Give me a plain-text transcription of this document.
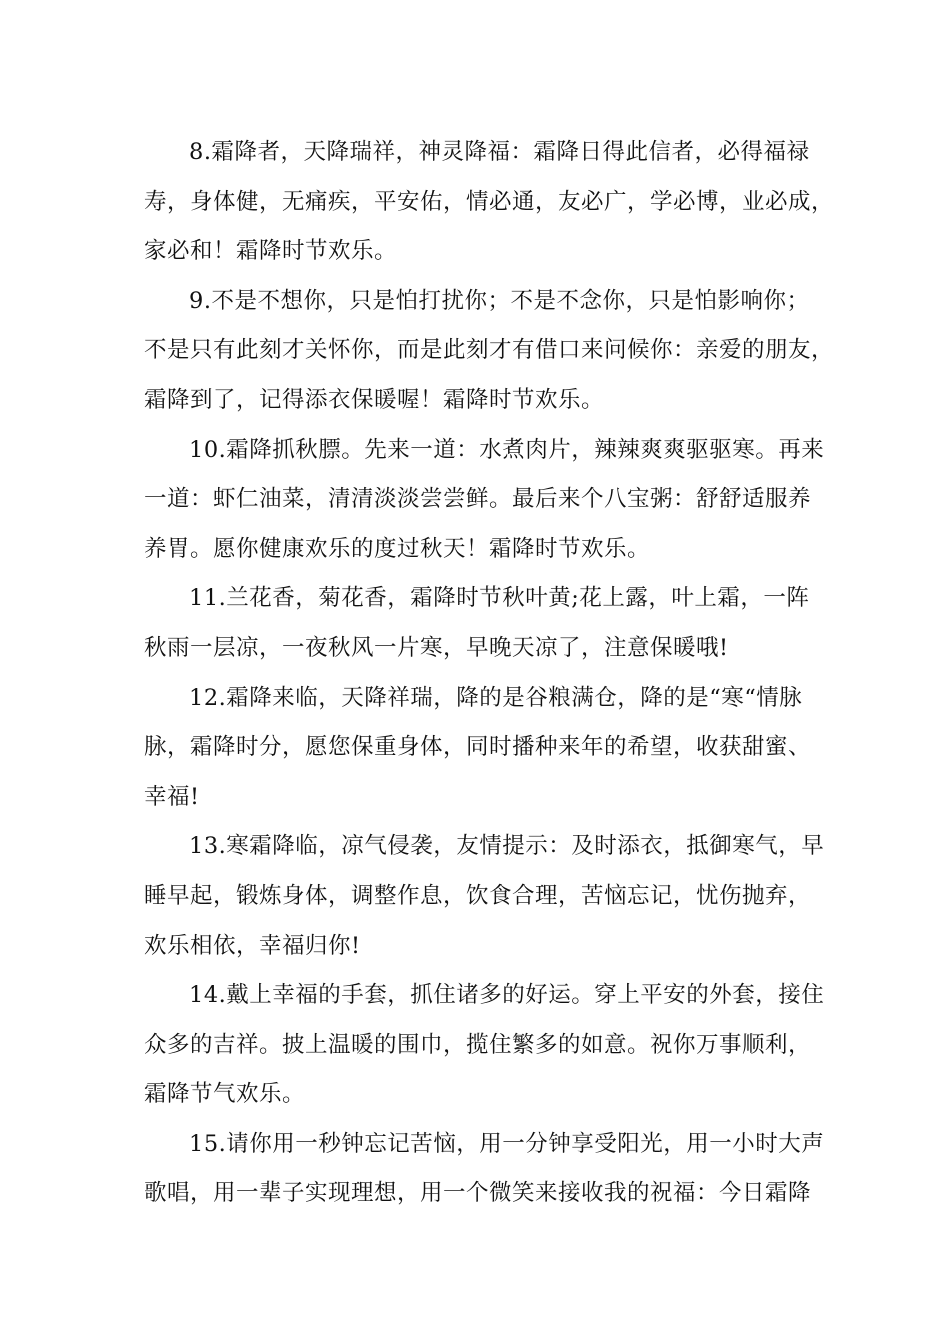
8.霜降者，天降瑞祥，神灵降福：霜降日得此信者，必得福禄
寿，身体健，无痛疾，平安佑，情必通，友必广，学必博，业必成，
家必和！霜降时节欢乐。

9.不是不想你，只是怕打扰你；不是不念你，只是怕影响你；
不是只有此刻才关怀你，而是此刻才有借口来问候你：亲爱的朋友，
霜降到了，记得添衣保暖喔！霜降时节欢乐。

10.霜降抓秋膘。先来一道：水煮肉片，辣辣爽爽驱驱寒。再来
一道：虾仁油菜，清清淡淡尝尝鲜。最后来个八宝粥：舒舒适服养
养胃。愿你健康欢乐的度过秋天！霜降时节欢乐。

11.兰花香，菊花香，霜降时节秋叶黄;花上露，叶上霜，一阵
秋雨一层凉，一夜秋风一片寒，早晚天凉了，注意保暖哦!

12.霜降来临，天降祥瑞，降的是谷粮满仓，降的是“寒“情脉
脉，霜降时分，愿您保重身体，同时播种来年的希望，收获甜蜜、
幸福!

13.寒霜降临，凉气侵袭，友情提示：及时添衣，抵御寒气，早
睡早起，锻炼身体，调整作息，饮食合理，苦恼忘记，忧伤抛弃，
欢乐相依，幸福归你!

14.戴上幸福的手套，抓住诸多的好运。穿上平安的外套，接住
众多的吉祥。披上温暖的围巾，揽住繁多的如意。祝你万事顺利，
霜降节气欢乐。

15.请你用一秒钟忘记苦恼，用一分钟享受阳光，用一小时大声
歌唱，用一辈子实现理想，用一个微笑来接收我的祝福：今日霜降
